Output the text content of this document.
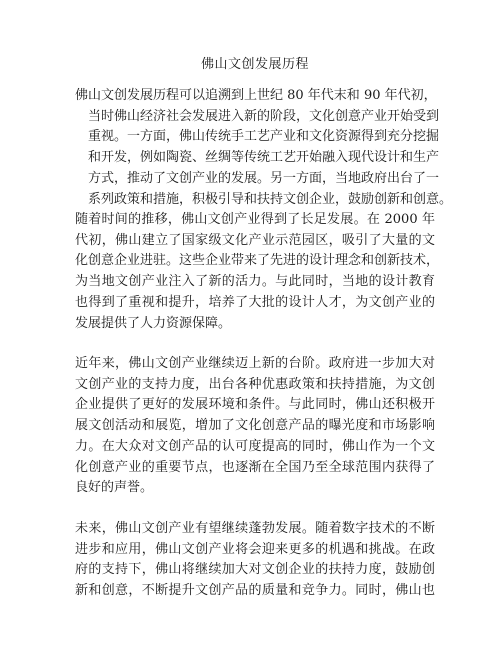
佛山文创发展历程

佛山文创发展历程可以追溯到上世纪 80 年代末和 90 年代初，
当时佛山经济社会发展进入新的阶段，文化创意产业开始受到
重视。一方面，佛山传统手工艺产业和文化资源得到充分挖掘
和开发，例如陶瓷、丝绸等传统工艺开始融入现代设计和生产
方式，推动了文创产业的发展。另一方面，当地政府出台了一
系列政策和措施，积极引导和扶持文创企业，鼓励创新和创意。

随着时间的推移，佛山文创产业得到了长足发展。在 2000 年
代初，佛山建立了国家级文化产业示范园区，吸引了大量的文
化创意企业进驻。这些企业带来了先进的设计理念和创新技术，
为当地文创产业注入了新的活力。与此同时，当地的设计教育
也得到了重视和提升，培养了大批的设计人才，为文创产业的
发展提供了人力资源保障。

近年来，佛山文创产业继续迈上新的台阶。政府进一步加大对
文创产业的支持力度，出台各种优惠政策和扶持措施，为文创
企业提供了更好的发展环境和条件。与此同时，佛山还积极开
展文创活动和展览，增加了文化创意产品的曝光度和市场影响
力。在大众对文创产品的认可度提高的同时，佛山作为一个文
化创意产业的重要节点，也逐渐在全国乃至全球范围内获得了
良好的声誉。

未来，佛山文创产业有望继续蓬勃发展。随着数字技术的不断
进步和应用，佛山文创产业将会迎来更多的机遇和挑战。在政
府的支持下，佛山将继续加大对文创企业的扶持力度，鼓励创
新和创意，不断提升文创产品的质量和竞争力。同时，佛山也
